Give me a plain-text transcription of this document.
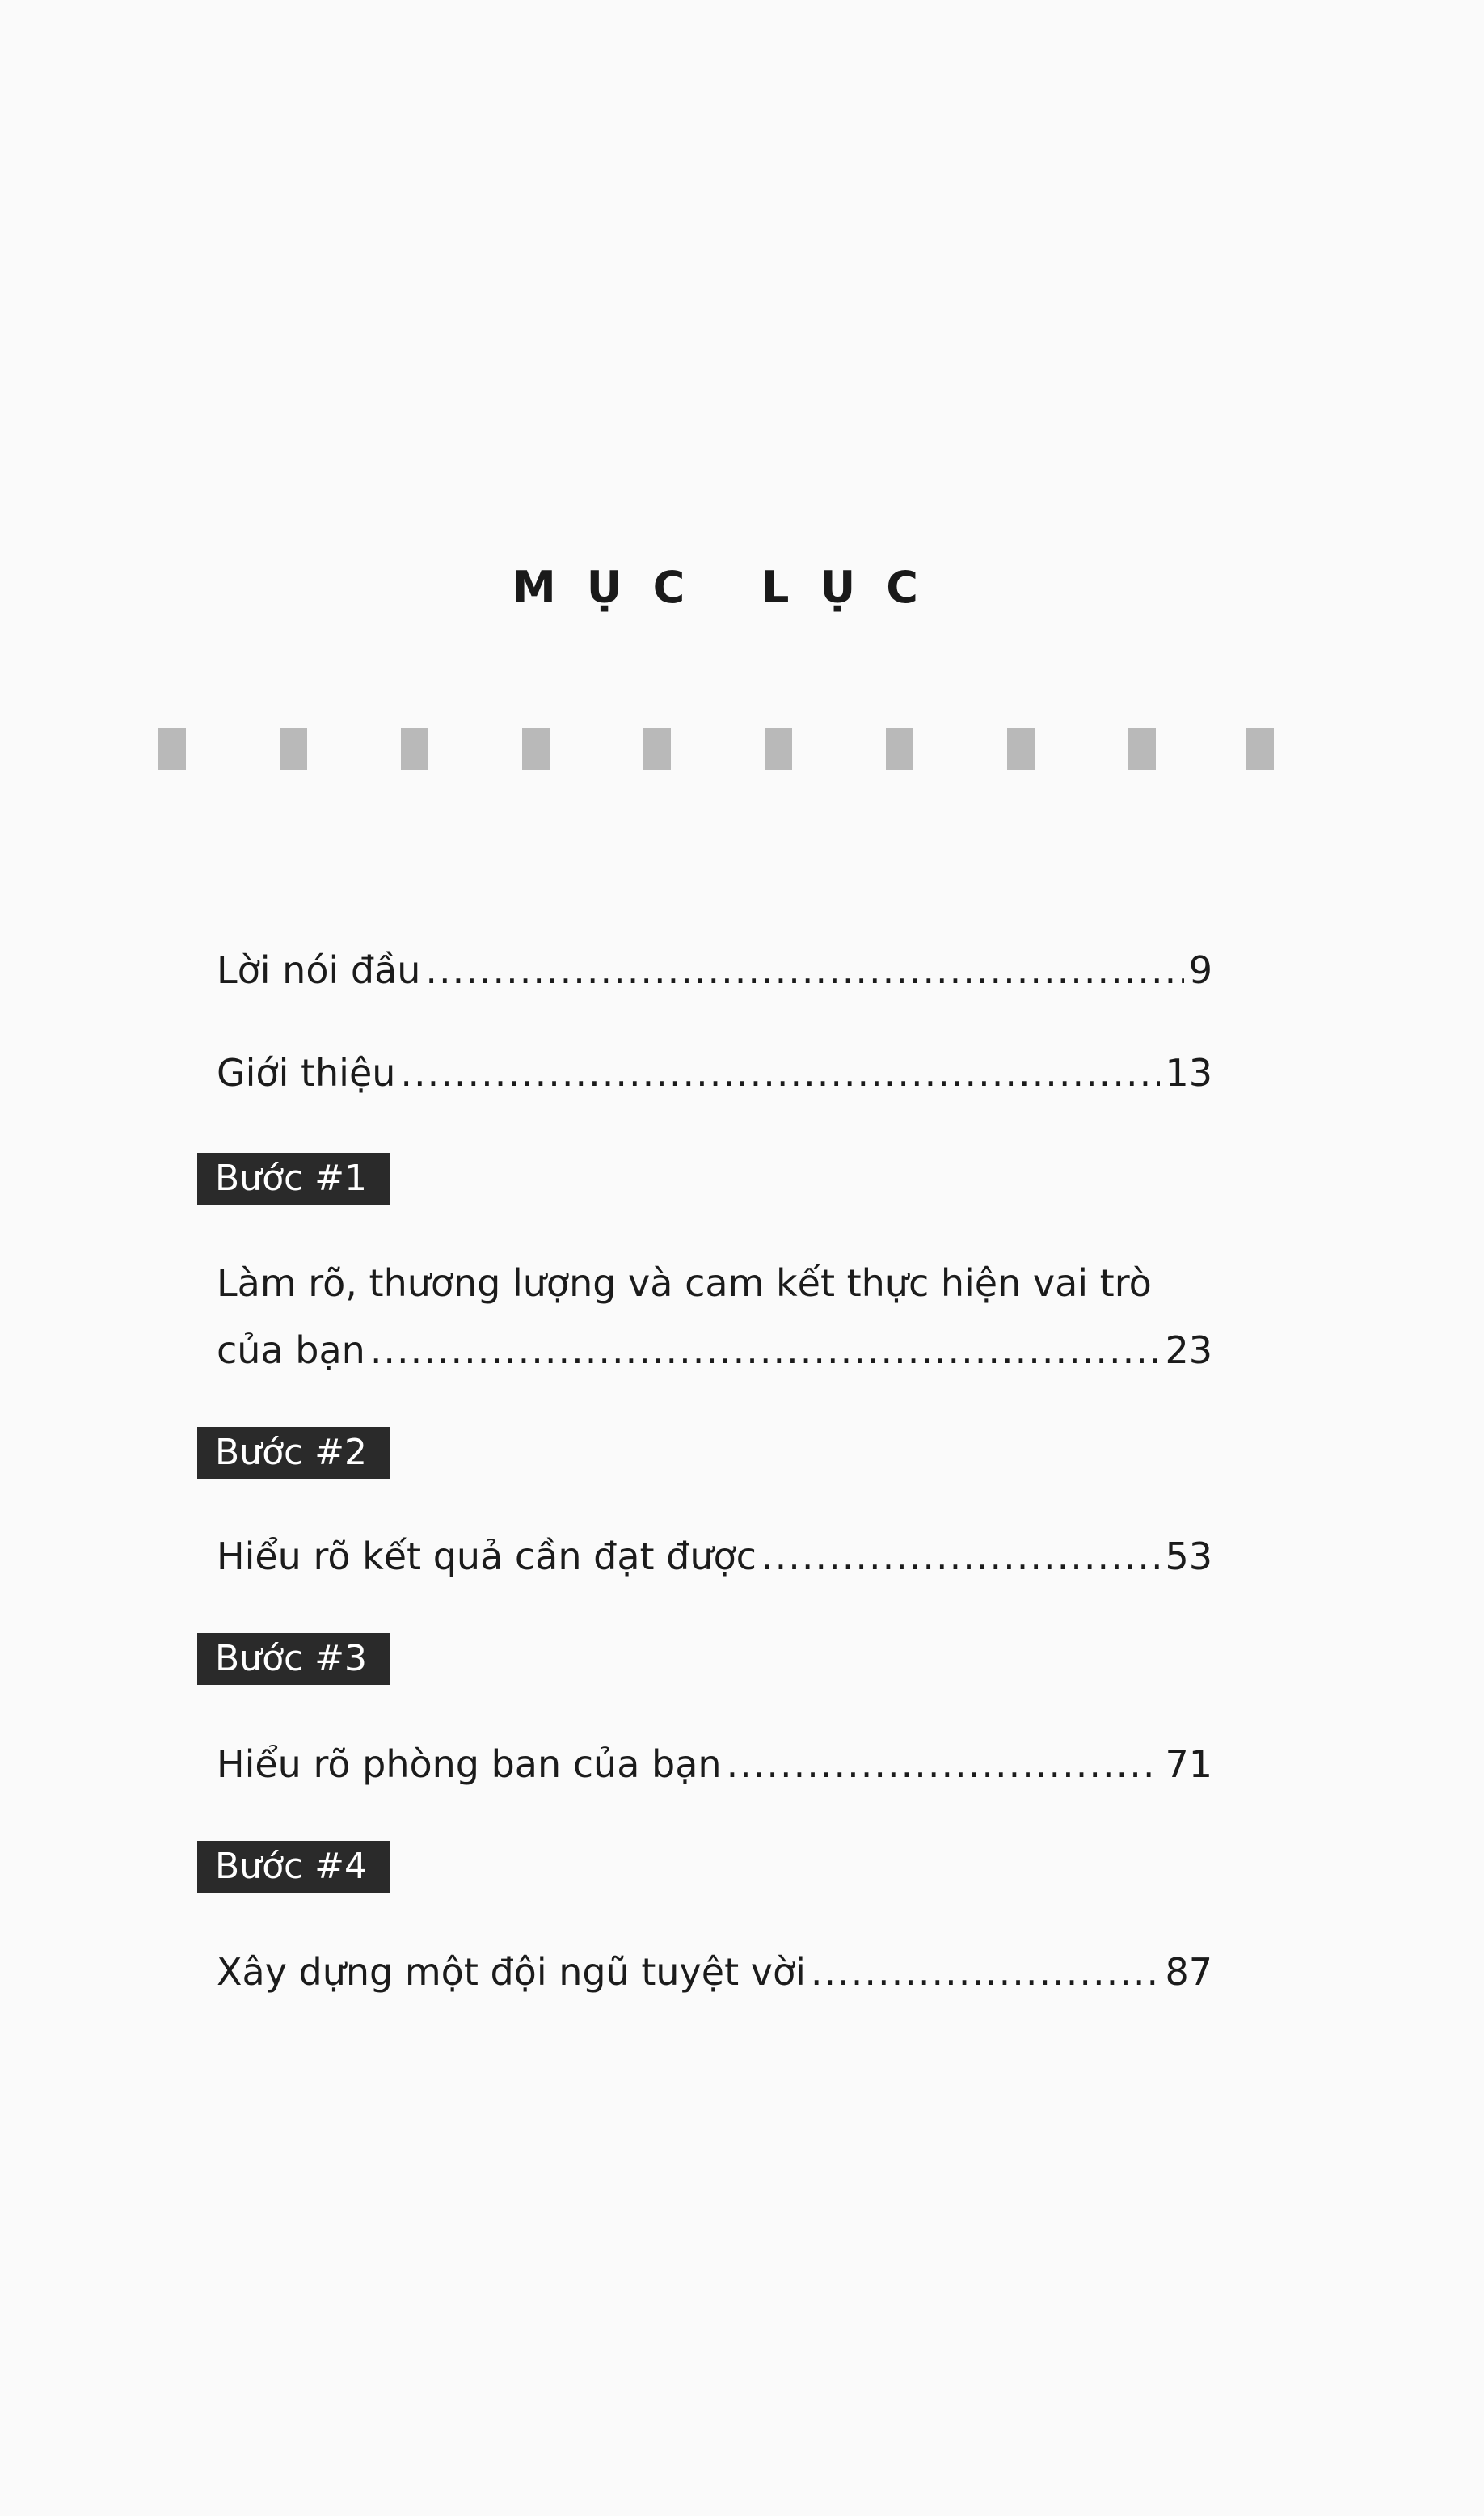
MỤC LỤC
Lời nói đầu .....	9
Giới thiệu .....	13
Bước #1
Làm rõ, thương lượng và cam kết thực hiện vai trò
của bạn .....	23
Bước #2
Hiểu rõ kết quả cần đạt được .....	53
Bước #3
Hiểu rõ phòng ban của bạn .....	71
Bước #4
Xây dựng một đội ngũ tuyệt vời .....	87
